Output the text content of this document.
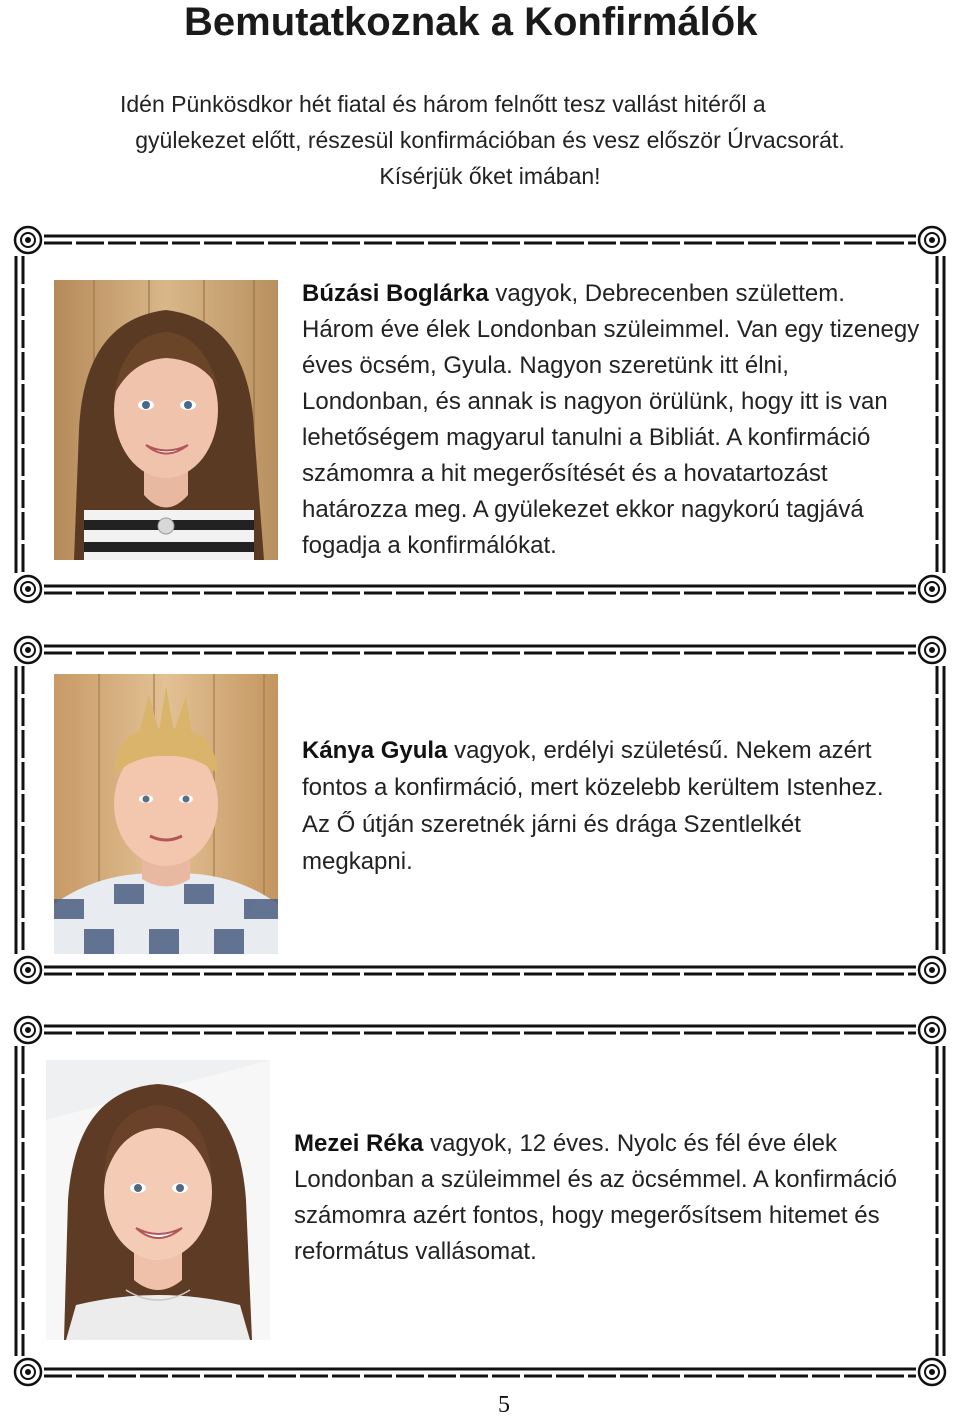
Bemutatkoznak a Konfirmálók

Idén Pünkösdkor hét fiatal és három felnőtt tesz vallást hitéről a

gyülekezet előtt, részesül konfirmációban és vesz először Úrvacsorát.

Kísérjük őket imában!

Búzási Boglárka vagyok, Debrecenben születtem. Három éve élek Londonban szüleimmel. Van egy tizenegy éves öcsém, Gyula. Nagyon szeretünk itt élni, Londonban, és annak is nagyon örülünk, hogy itt is van lehetőségem magyarul tanulni a Bibliát. A konfirmáció számomra a hit megerősítését és a hovatartozást határozza meg. A gyülekezet ekkor nagykorú tagjává fogadja a konfirmálókat.

Kánya Gyula vagyok, erdélyi születésű. Nekem azért fontos a konfirmáció, mert közelebb kerültem Istenhez. Az Ő útján szeretnék járni és drága Szentlelkét megkapni.

Mezei Réka vagyok, 12 éves. Nyolc és fél éve élek Londonban a szüleimmel és az öcsémmel. A konfirmáció számomra azért fontos, hogy megerősítsem hitemet és református vallásomat.

5
